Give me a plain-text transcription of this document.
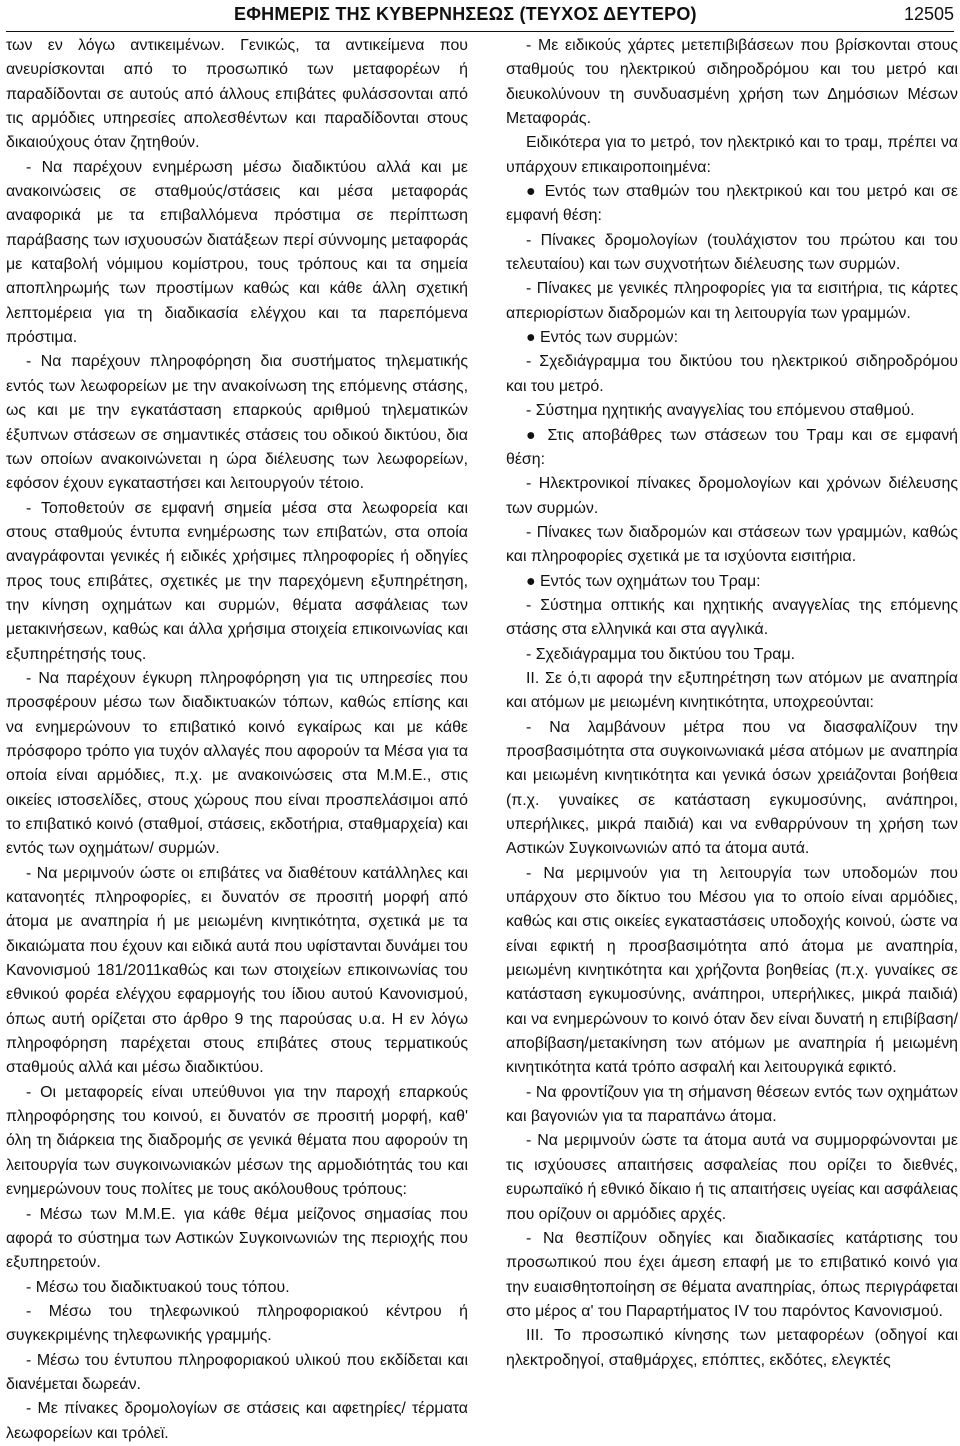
ΕΦΗΜΕΡΙΣ ΤΗΣ ΚΥΒΕΡΝΗΣΕΩΣ (ΤΕΥΧΟΣ ΔΕΥΤΕΡΟ)	12505

των εν λόγω αντικειμένων. Γενικώς, τα αντικείμενα που ανευρίσκονται από το προσωπικό των μεταφορέων ή παραδίδονται σε αυτούς από άλλους επιβάτες φυλάσσονται από τις αρμόδιες υπηρεσίες απολεσθέντων και παραδίδονται στους δικαιούχους όταν ζητηθούν.

- Να παρέχουν ενημέρωση μέσω διαδικτύου αλλά και με ανακοινώσεις σε σταθμούς/στάσεις και μέσα μεταφοράς αναφορικά με τα επιβαλλόμενα πρόστιμα σε περίπτωση παράβασης των ισχυουσών διατάξεων περί σύννομης μεταφοράς με καταβολή νόμιμου κομίστρου, τους τρόπους και τα σημεία αποπληρωμής των προστίμων καθώς και κάθε άλλη σχετική λεπτομέρεια για τη διαδικασία ελέγχου και τα παρεπόμενα πρόστιμα.

- Να παρέχουν πληροφόρηση δια συστήματος τηλεματικής εντός των λεωφορείων με την ανακοίνωση της επόμενης στάσης, ως και με την εγκατάσταση επαρκούς αριθμού τηλεματικών έξυπνων στάσεων σε σημαντικές στάσεις του οδικού δικτύου, δια των οποίων ανακοινώνεται η ώρα διέλευσης των λεωφορείων, εφόσον έχουν εγκαταστήσει και λειτουργούν τέτοιο.

- Τοποθετούν σε εμφανή σημεία μέσα στα λεωφορεία και στους σταθμούς έντυπα ενημέρωσης των επιβατών, στα οποία αναγράφονται γενικές ή ειδικές χρήσιμες πληροφορίες ή οδηγίες προς τους επιβάτες, σχετικές με την παρεχόμενη εξυπηρέτηση, την κίνηση οχημάτων και συρμών, θέματα ασφάλειας των μετακινήσεων, καθώς και άλλα χρήσιμα στοιχεία επικοινωνίας και εξυπηρέτησής τους.

- Να παρέχουν έγκυρη πληροφόρηση για τις υπηρεσίες που προσφέρουν μέσω των διαδικτυακών τόπων, καθώς επίσης και να ενημερώνουν το επιβατικό κοινό εγκαίρως και με κάθε πρόσφορο τρόπο για τυχόν αλλαγές που αφορούν τα Μέσα για τα οποία είναι αρμόδιες, π.χ. με ανακοινώσεις στα Μ.Μ.Ε., στις οικείες ιστοσελίδες, στους χώρους που είναι προσπελάσιμοι από το επιβατικό κοινό (σταθμοί, στάσεις, εκδοτήρια, σταθμαρχεία) και εντός των οχημάτων/ συρμών.

- Να μεριμνούν ώστε οι επιβάτες να διαθέτουν κατάλληλες και κατανοητές πληροφορίες, ει δυνατόν σε προσιτή μορφή από άτομα με αναπηρία ή με μειωμένη κινητικότητα, σχετικά με τα δικαιώματα που έχουν και ειδικά αυτά που υφίστανται δυνάμει του Κανονισμού 181/2011καθώς και των στοιχείων επικοινωνίας του εθνικού φορέα ελέγχου εφαρμογής του ίδιου αυτού Κανονισμού, όπως αυτή ορίζεται στο άρθρο 9 της παρούσας υ.α. Η εν λόγω πληροφόρηση παρέχεται στους επιβάτες στους τερματικούς σταθμούς αλλά και μέσω διαδικτύου.

- Οι μεταφορείς είναι υπεύθυνοι για την παροχή επαρκούς πληροφόρησης του κοινού, ει δυνατόν σε προσιτή μορφή, καθ' όλη τη διάρκεια της διαδρομής σε γενικά θέματα που αφορούν τη λειτουργία των συγκοινωνιακών μέσων της αρμοδιότητάς του και ενημερώνουν τους πολίτες με τους ακόλουθους τρόπους:

- Μέσω των Μ.Μ.Ε. για κάθε θέμα μείζονος σημασίας που αφορά το σύστημα των Αστικών Συγκοινωνιών της περιοχής που εξυπηρετούν.

- Μέσω του διαδικτυακού τους τόπου.

- Μέσω του τηλεφωνικού πληροφοριακού κέντρου ή συγκεκριμένης τηλεφωνικής γραμμής.

- Μέσω του έντυπου πληροφοριακού υλικού που εκδίδεται και διανέμεται δωρεάν.

- Με πίνακες δρομολογίων σε στάσεις και αφετηρίες/ τέρματα λεωφορείων και τρόλεϊ.

- Με ειδικούς χάρτες μετεπιβιβάσεων που βρίσκονται στους σταθμούς του ηλεκτρικού σιδηροδρόμου και του μετρό και διευκολύνουν τη συνδυασμένη χρήση των Δημόσιων Μέσων Μεταφοράς.

Ειδικότερα για το μετρό, τον ηλεκτρικό και το τραμ, πρέπει να υπάρχουν επικαιροποιημένα:

● Εντός των σταθμών του ηλεκτρικού και του μετρό και σε εμφανή θέση:

- Πίνακες δρομολογίων (τουλάχιστον του πρώτου και του τελευταίου) και των συχνοτήτων διέλευσης των συρμών.

- Πίνακες με γενικές πληροφορίες για τα εισιτήρια, τις κάρτες απεριορίστων διαδρομών και τη λειτουργία των γραμμών.

● Εντός των συρμών:

- Σχεδιάγραμμα του δικτύου του ηλεκτρικού σιδηροδρόμου και του μετρό.

- Σύστημα ηχητικής αναγγελίας του επόμενου σταθμού.

● Στις αποβάθρες των στάσεων του Τραμ και σε εμφανή θέση:

- Ηλεκτρονικοί πίνακες δρομολογίων και χρόνων διέλευσης των συρμών.

- Πίνακες των διαδρομών και στάσεων των γραμμών, καθώς και πληροφορίες σχετικά με τα ισχύοντα εισιτήρια.

● Εντός των οχημάτων του Τραμ:

- Σύστημα οπτικής και ηχητικής αναγγελίας της επόμενης στάσης στα ελληνικά και στα αγγλικά.

- Σχεδιάγραμμα του δικτύου του Τραμ.

ΙΙ. Σε ό,τι αφορά την εξυπηρέτηση των ατόμων με αναπηρία και ατόμων με μειωμένη κινητικότητα, υποχρεούνται:

- Να λαμβάνουν μέτρα που να διασφαλίζουν την προσβασιμότητα στα συγκοινωνιακά μέσα ατόμων με αναπηρία και μειωμένη κινητικότητα και γενικά όσων χρειάζονται βοήθεια (π.χ. γυναίκες σε κατάσταση εγκυμοσύνης, ανάπηροι, υπερήλικες, μικρά παιδιά) και να ενθαρρύνουν τη χρήση των Αστικών Συγκοινωνιών από τα άτομα αυτά.

- Να μεριμνούν για τη λειτουργία των υποδομών που υπάρχουν στο δίκτυο του Μέσου για το οποίο είναι αρμόδιες, καθώς και στις οικείες εγκαταστάσεις υποδοχής κοινού, ώστε να είναι εφικτή η προσβασιμότητα από άτομα με αναπηρία, μειωμένη κινητικότητα και χρήζοντα βοηθείας (π.χ. γυναίκες σε κατάσταση εγκυμοσύνης, ανάπηροι, υπερήλικες, μικρά παιδιά) και να ενημερώνουν το κοινό όταν δεν είναι δυνατή η επιβίβαση/αποβίβαση/μετακίνηση των ατόμων με αναπηρία ή μειωμένη κινητικότητα κατά τρόπο ασφαλή και λειτουργικά εφικτό.

- Να φροντίζουν για τη σήμανση θέσεων εντός των οχημάτων και βαγονιών για τα παραπάνω άτομα.

- Να μεριμνούν ώστε τα άτομα αυτά να συμμορφώνονται με τις ισχύουσες απαιτήσεις ασφαλείας που ορίζει το διεθνές, ευρωπαϊκό ή εθνικό δίκαιο ή τις απαιτήσεις υγείας και ασφάλειας που ορίζουν οι αρμόδιες αρχές.

- Να θεσπίζουν οδηγίες και διαδικασίες κατάρτισης του προσωπικού που έχει άμεση επαφή με το επιβατικό κοινό για την ευαισθητοποίηση σε θέματα αναπηρίας, όπως περιγράφεται στο μέρος α' του Παραρτήματος IV του παρόντος Κανονισμού.

ΙΙΙ. Το προσωπικό κίνησης των μεταφορέων (οδηγοί και ηλεκτροδηγοί, σταθμάρχες, επόπτες, εκδότες, ελεγκτές
